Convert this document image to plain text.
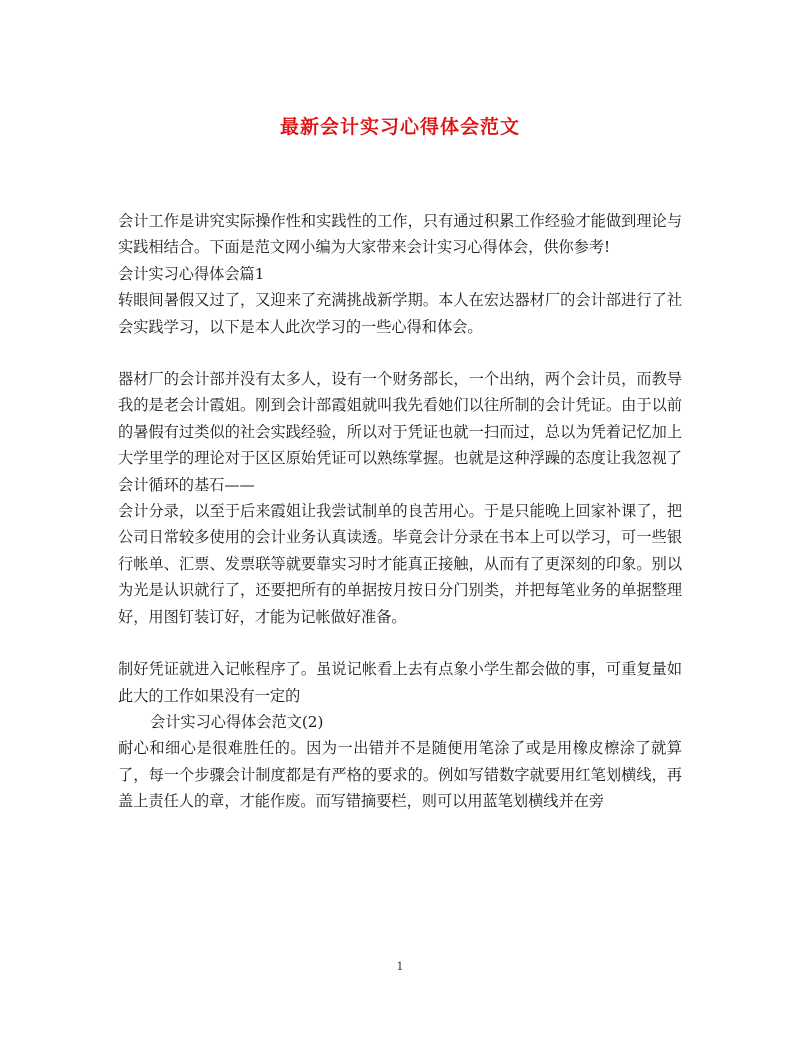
最新会计实习心得体会范文

会计工作是讲究实际操作性和实践性的工作，只有通过积累工作经验才能做到理论与实践相结合。下面是范文网小编为大家带来会计实习心得体会，供你参考!

会计实习心得体会篇1

转眼间暑假又过了，又迎来了充满挑战新学期。本人在宏达器材厂的会计部进行了社会实践学习，以下是本人此次学习的一些心得和体会。

器材厂的会计部并没有太多人，设有一个财务部长，一个出纳，两个会计员，而教导我的是老会计霞姐。刚到会计部霞姐就叫我先看她们以往所制的会计凭证。由于以前的暑假有过类似的社会实践经验，所以对于凭证也就一扫而过，总以为凭着记忆加上大学里学的理论对于区区原始凭证可以熟练掌握。也就是这种浮躁的态度让我忽视了会计循环的基石——

会计分录，以至于后来霞姐让我尝试制单的良苦用心。于是只能晚上回家补课了，把公司日常较多使用的会计业务认真读透。毕竟会计分录在书本上可以学习，可一些银行帐单、汇票、发票联等就要靠实习时才能真正接触，从而有了更深刻的印象。别以为光是认识就行了，还要把所有的单据按月按日分门别类，并把每笔业务的单据整理好，用图钉装订好，才能为记帐做好准备。

制好凭证就进入记帐程序了。虽说记帐看上去有点象小学生都会做的事，可重复量如此大的工作如果没有一定的

会计实习心得体会范文(2)

耐心和细心是很难胜任的。因为一出错并不是随便用笔涂了或是用橡皮檫涂了就算了，每一个步骤会计制度都是有严格的要求的。例如写错数字就要用红笔划横线，再盖上责任人的章，才能作废。而写错摘要栏，则可以用蓝笔划横线并在旁

1
